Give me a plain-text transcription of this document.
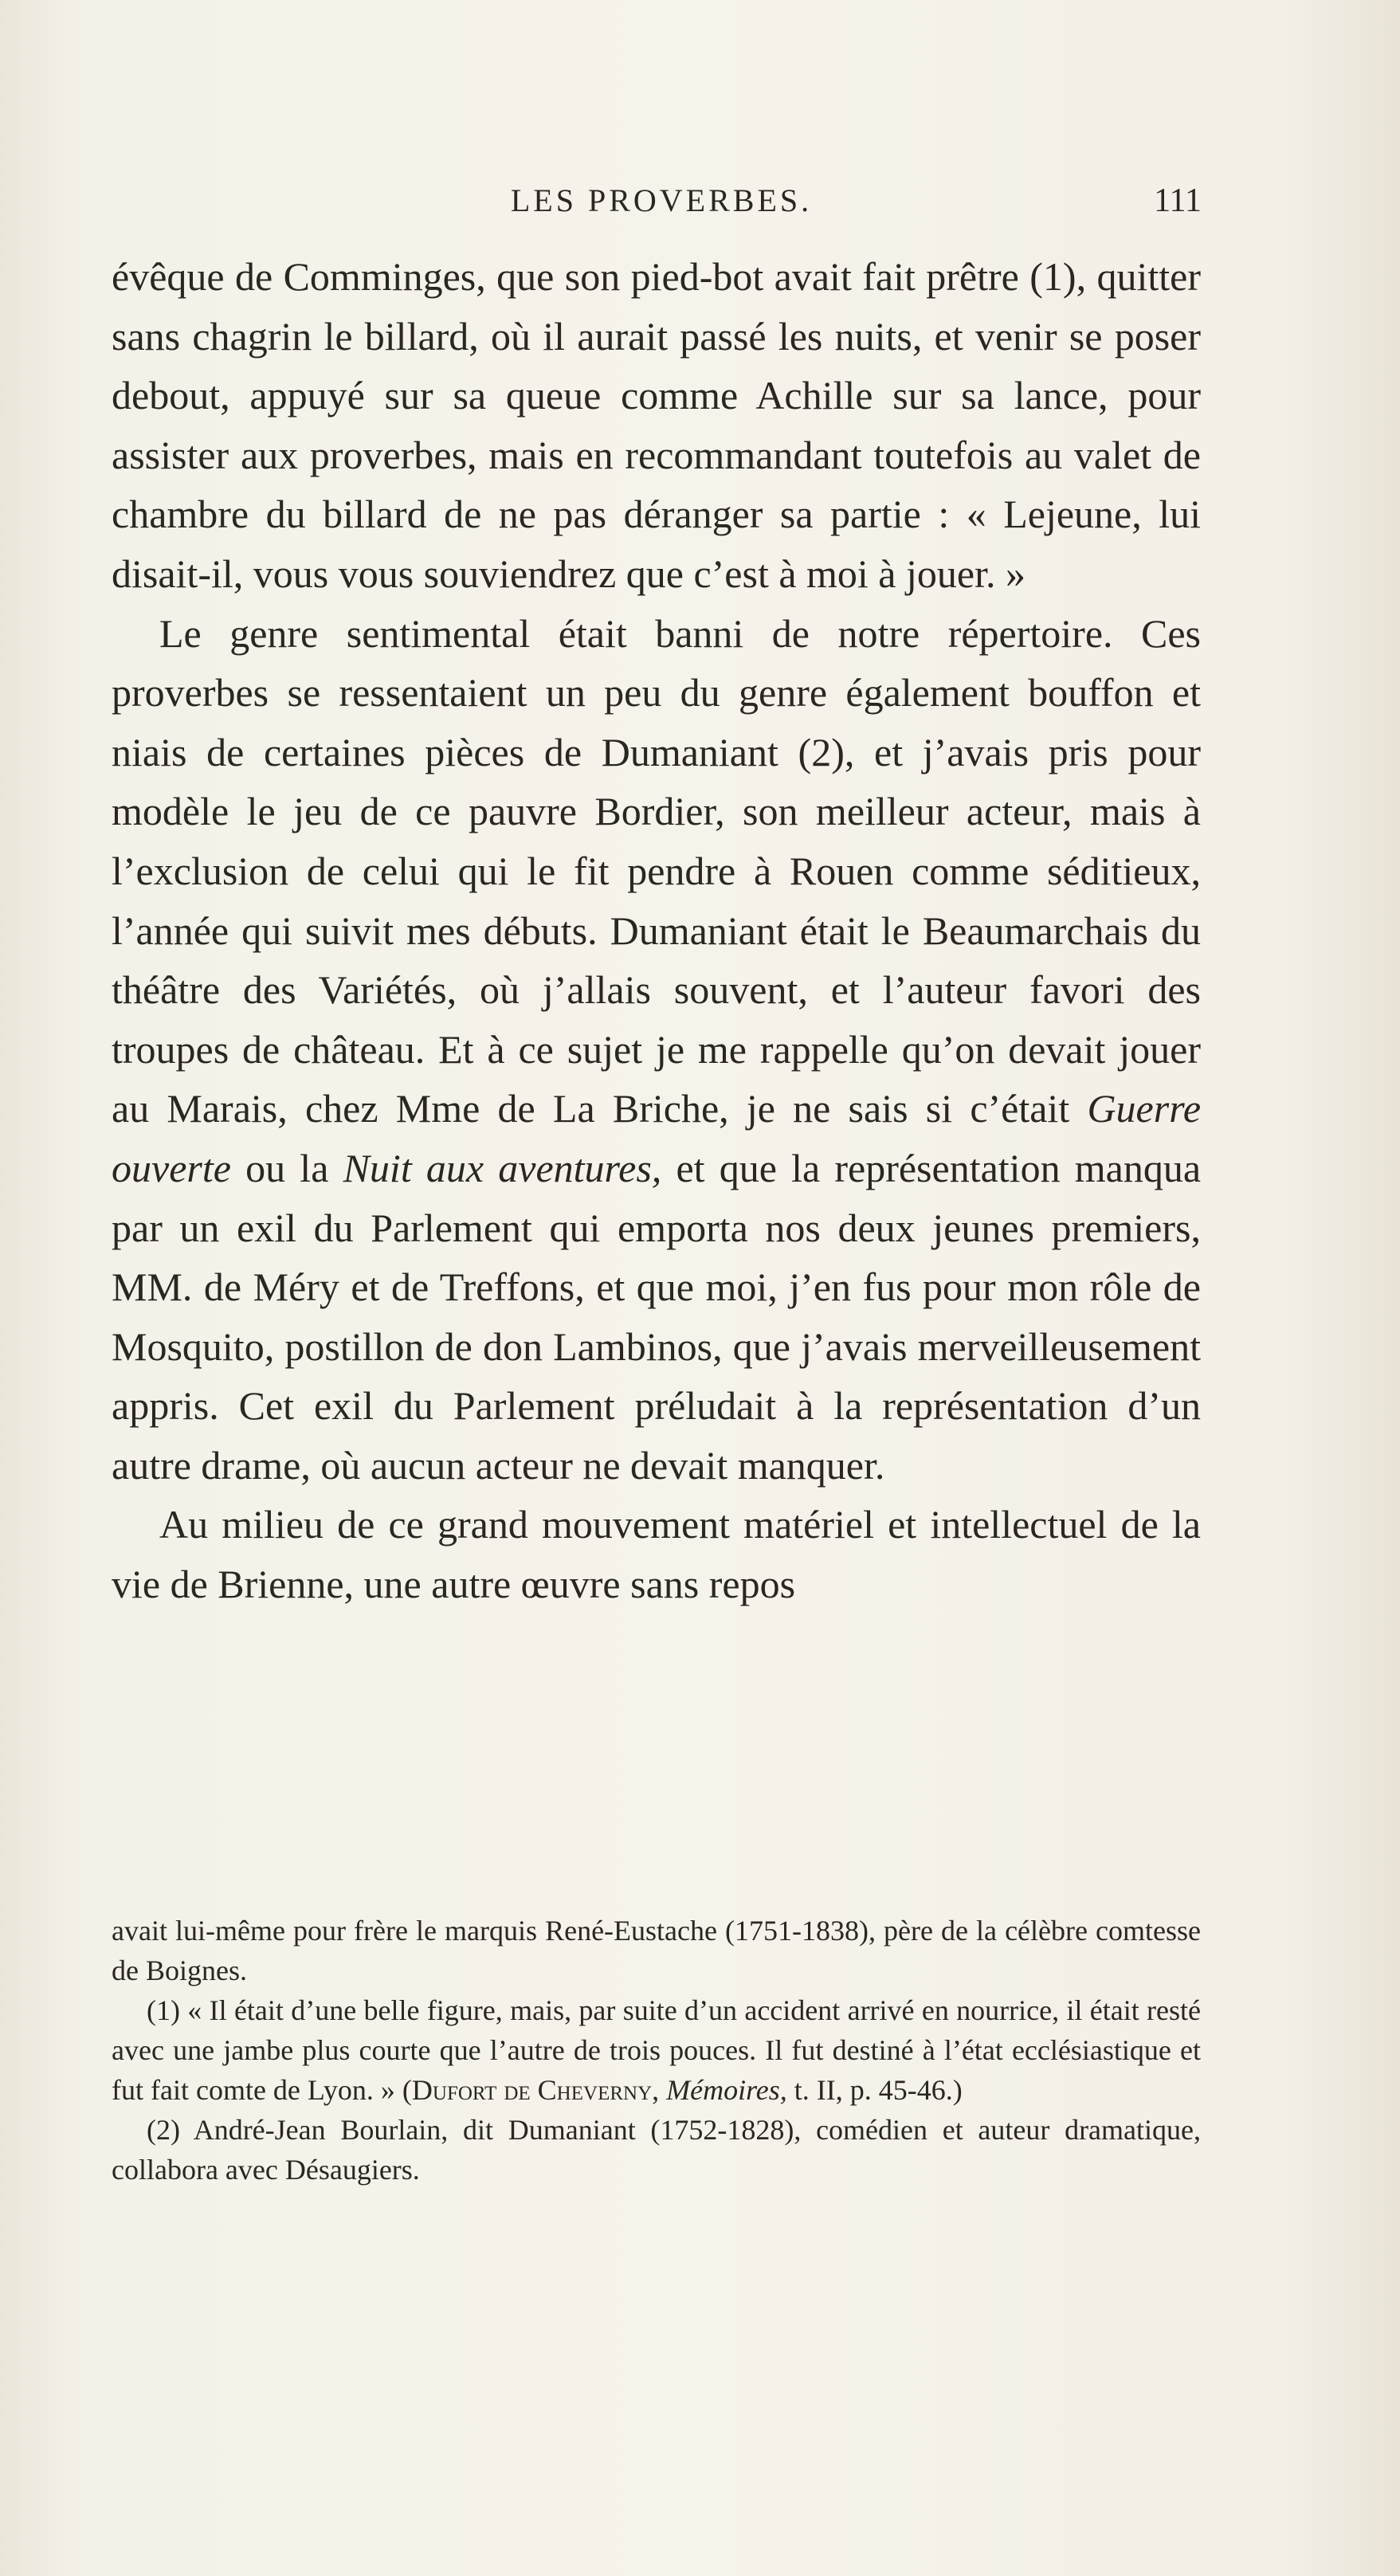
LES PROVERBES.	111

évêque de Comminges, que son pied-bot avait fait prêtre (1), quitter sans chagrin le billard, où il aurait passé les nuits, et venir se poser debout, appuyé sur sa queue comme Achille sur sa lance, pour assister aux proverbes, mais en recommandant toutefois au valet de chambre du billard de ne pas déranger sa partie : « Lejeune, lui disait-il, vous vous souviendrez que c’est à moi à jouer. »

Le genre sentimental était banni de notre répertoire. Ces proverbes se ressentaient un peu du genre également bouffon et niais de certaines pièces de Dumaniant (2), et j’avais pris pour modèle le jeu de ce pauvre Bordier, son meilleur acteur, mais à l’exclusion de celui qui le fit pendre à Rouen comme séditieux, l’année qui suivit mes débuts. Dumaniant était le Beaumarchais du théâtre des Variétés, où j’allais souvent, et l’auteur favori des troupes de château. Et à ce sujet je me rappelle qu’on devait jouer au Marais, chez Mme de La Briche, je ne sais si c’était Guerre ouverte ou la Nuit aux aventures, et que la représentation manqua par un exil du Parlement qui emporta nos deux jeunes premiers, MM. de Méry et de Treffons, et que moi, j’en fus pour mon rôle de Mosquito, postillon de don Lambinos, que j’avais merveilleusement appris. Cet exil du Parlement préludait à la représentation d’un autre drame, où aucun acteur ne devait manquer.

Au milieu de ce grand mouvement matériel et intellectuel de la vie de Brienne, une autre œuvre sans repos

avait lui-même pour frère le marquis René-Eustache (1751-1838), père de la célèbre comtesse de Boignes.

(1) « Il était d’une belle figure, mais, par suite d’un accident arrivé en nourrice, il était resté avec une jambe plus courte que l’autre de trois pouces. Il fut destiné à l’état ecclésiastique et fut fait comte de Lyon. » (Dufort de Cheverny, Mémoires, t. II, p. 45-46.)

(2) André-Jean Bourlain, dit Dumaniant (1752-1828), comédien et auteur dramatique, collabora avec Désaugiers.
